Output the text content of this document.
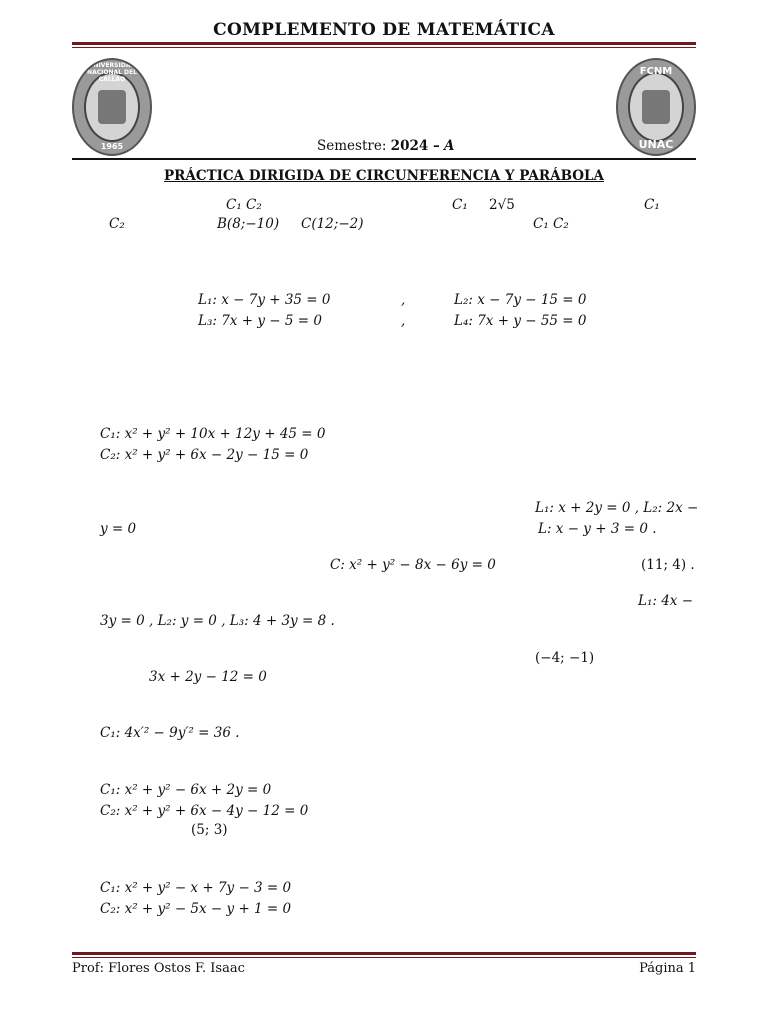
COMPLEMENTO DE MATEMÁTICA
UNIVERSIDAD NACIONAL DEL CALLAO
1965
FCNM
UNAC
Semestre: 2024 – A
PRÁCTICA DIRIGIDA DE CIRCUNFERENCIA Y PARÁBOLA
C₁ C₂	C₁ 2√5	C₁
C₂	B(8;−10) C(12;−2)	C₁ C₂
L₁: x − 7y + 35 = 0	,	L₂: x − 7y − 15 = 0
L₃: 7x + y − 5 = 0	,	L₄: 7x + y − 55 = 0
C₁: x² + y² + 10x + 12y + 45 = 0
C₂: x² + y² + 6x − 2y − 15 = 0
L₁: x + 2y = 0 , L₂: 2x −
y = 0	L: x − y + 3 = 0 .
C: x² + y² − 8x − 6y = 0	(11; 4) .
L₁: 4x −
3y = 0 , L₂: y = 0 , L₃: 4 + 3y = 8 .
(−4; −1)
3x + 2y − 12 = 0
C₁: 4x′² − 9y′² = 36 .
C₁: x² + y² − 6x + 2y = 0
C₂: x² + y² + 6x − 4y − 12 = 0
(5; 3)
C₁: x² + y² − x + 7y − 3 = 0
C₂: x² + y² − 5x − y + 1 = 0
Prof: Flores Ostos F. Isaac	Página 1
